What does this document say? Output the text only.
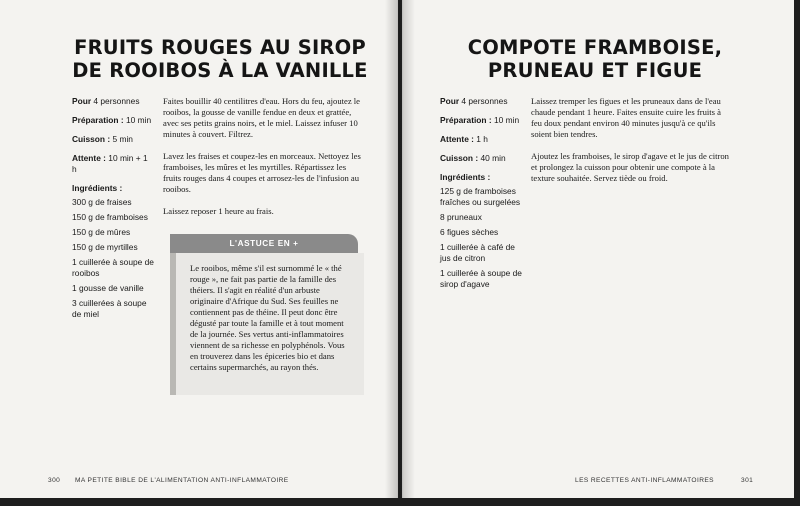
FRUITS ROUGES AU SIROP DE ROOIBOS À LA VANILLE
Pour 4 personnes
Préparation : 10 min
Cuisson : 5 min
Attente : 10 min + 1 h
Ingrédients :
300 g de fraises
150 g de framboises
150 g de mûres
150 g de myrtilles
1 cuillerée à soupe de rooibos
1 gousse de vanille
3 cuillerées à soupe de miel

Faites bouillir 40 centilitres d'eau. Hors du feu, ajoutez le rooibos, la gousse de vanille fendue en deux et grattée, avec ses petits grains noirs, et le miel. Laissez infuser 10 minutes à couvert. Filtrez.

Lavez les fraises et coupez-les en morceaux. Nettoyez les framboises, les mûres et les myrtilles. Répartissez les fruits rouges dans 4 coupes et arrosez-les de l'infusion au rooibos.

Laissez reposer 1 heure au frais.

L'ASTUCE EN +
Le rooibos, même s'il est surnommé le « thé rouge », ne fait pas partie de la famille des théiers. Il s'agit en réalité d'un arbuste originaire d'Afrique du Sud. Ses feuilles ne contiennent pas de théine. Il peut donc être dégusté par toute la famille et à tout moment de la journée. Ses vertus anti-inflammatoires viennent de sa richesse en polyphénols. Vous en trouverez dans les épiceries bio et dans certains supermarchés, au rayon thés.
300 MA PETITE BIBLE DE L'ALIMENTATION ANTI-INFLAMMATOIRE
COMPOTE FRAMBOISE, PRUNEAU ET FIGUE
Pour 4 personnes
Préparation : 10 min
Attente : 1 h
Cuisson : 40 min
Ingrédients :
125 g de framboises fraîches ou surgelées
8 pruneaux
6 figues sèches
1 cuillerée à café de jus de citron
1 cuillerée à soupe de sirop d'agave

Laissez tremper les figues et les pruneaux dans de l'eau chaude pendant 1 heure. Faites ensuite cuire les fruits à feu doux pendant environ 40 minutes jusqu'à ce qu'ils soient bien tendres.

Ajoutez les framboises, le sirop d'agave et le jus de citron et prolongez la cuisson pour obtenir une compote à la texture souhaitée. Servez tiède ou froid.

LES RECETTES ANTI-INFLAMMATOIRES	301
